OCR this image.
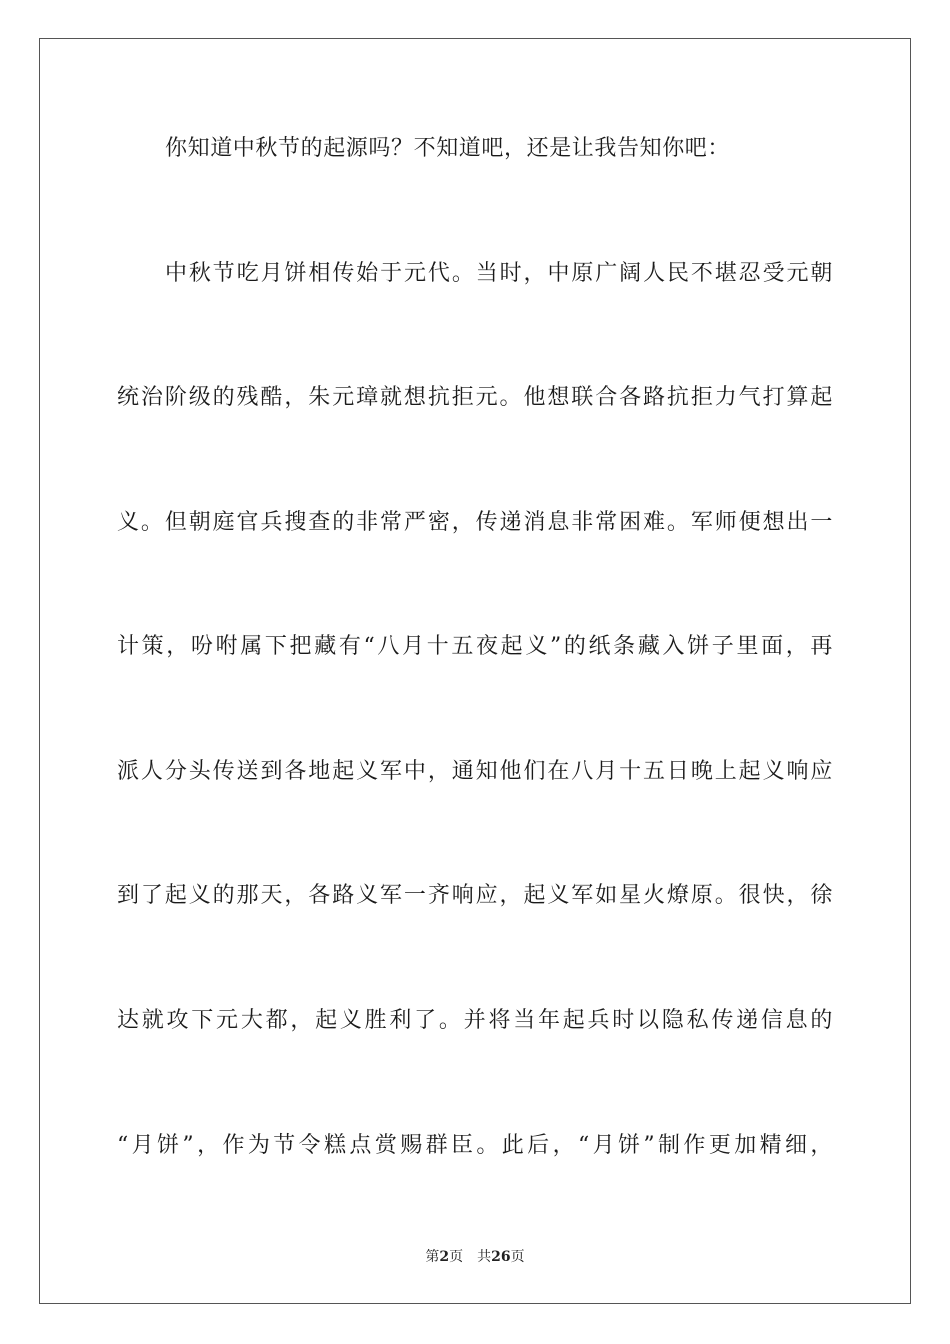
你知道中秋节的起源吗？不知道吧，还是让我告知你吧：
中秋节吃月饼相传始于元代。当时，中原广阔人民不堪忍受元朝
统治阶级的残酷，朱元璋就想抗拒元。他想联合各路抗拒力气打算起
义。但朝庭官兵搜查的非常严密，传递消息非常困难。军师便想出一
计策，吩咐属下把藏有“八月十五夜起义”的纸条藏入饼子里面，再
派人分头传送到各地起义军中，通知他们在八月十五日晚上起义响应
到了起义的那天，各路义军一齐响应，起义军如星火燎原。很快，徐
达就攻下元大都，起义胜利了。并将当年起兵时以隐私传递信息的
“月饼”，作为节令糕点赏赐群臣。此后，“月饼”制作更加精细，
第2页 共26页
